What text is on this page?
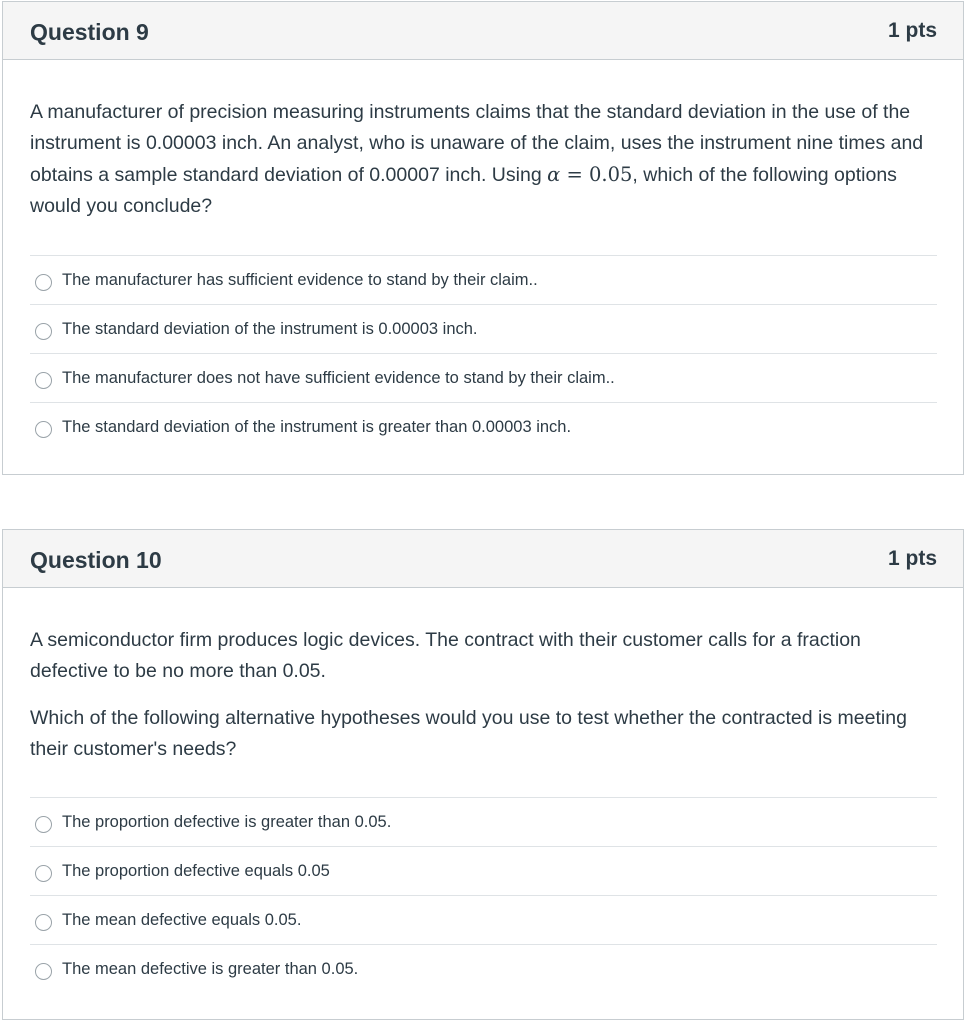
Question 9	1 pts

A manufacturer of precision measuring instruments claims that the standard deviation in the use of the instrument is 0.00003 inch. An analyst, who is unaware of the claim, uses the instrument nine times and obtains a sample standard deviation of 0.00007 inch. Using α = 0.05, which of the following options would you conclude?

The manufacturer has sufficient evidence to stand by their claim..
The standard deviation of the instrument is 0.00003 inch.
The manufacturer does not have sufficient evidence to stand by their claim..
The standard deviation of the instrument is greater than 0.00003 inch.
Question 10	1 pts

A semiconductor firm produces logic devices. The contract with their customer calls for a fraction defective to be no more than 0.05.

Which of the following alternative hypotheses would you use to test whether the contracted is meeting their customer's needs?

The proportion defective is greater than 0.05.
The proportion defective equals 0.05
The mean defective equals 0.05.
The mean defective is greater than 0.05.
